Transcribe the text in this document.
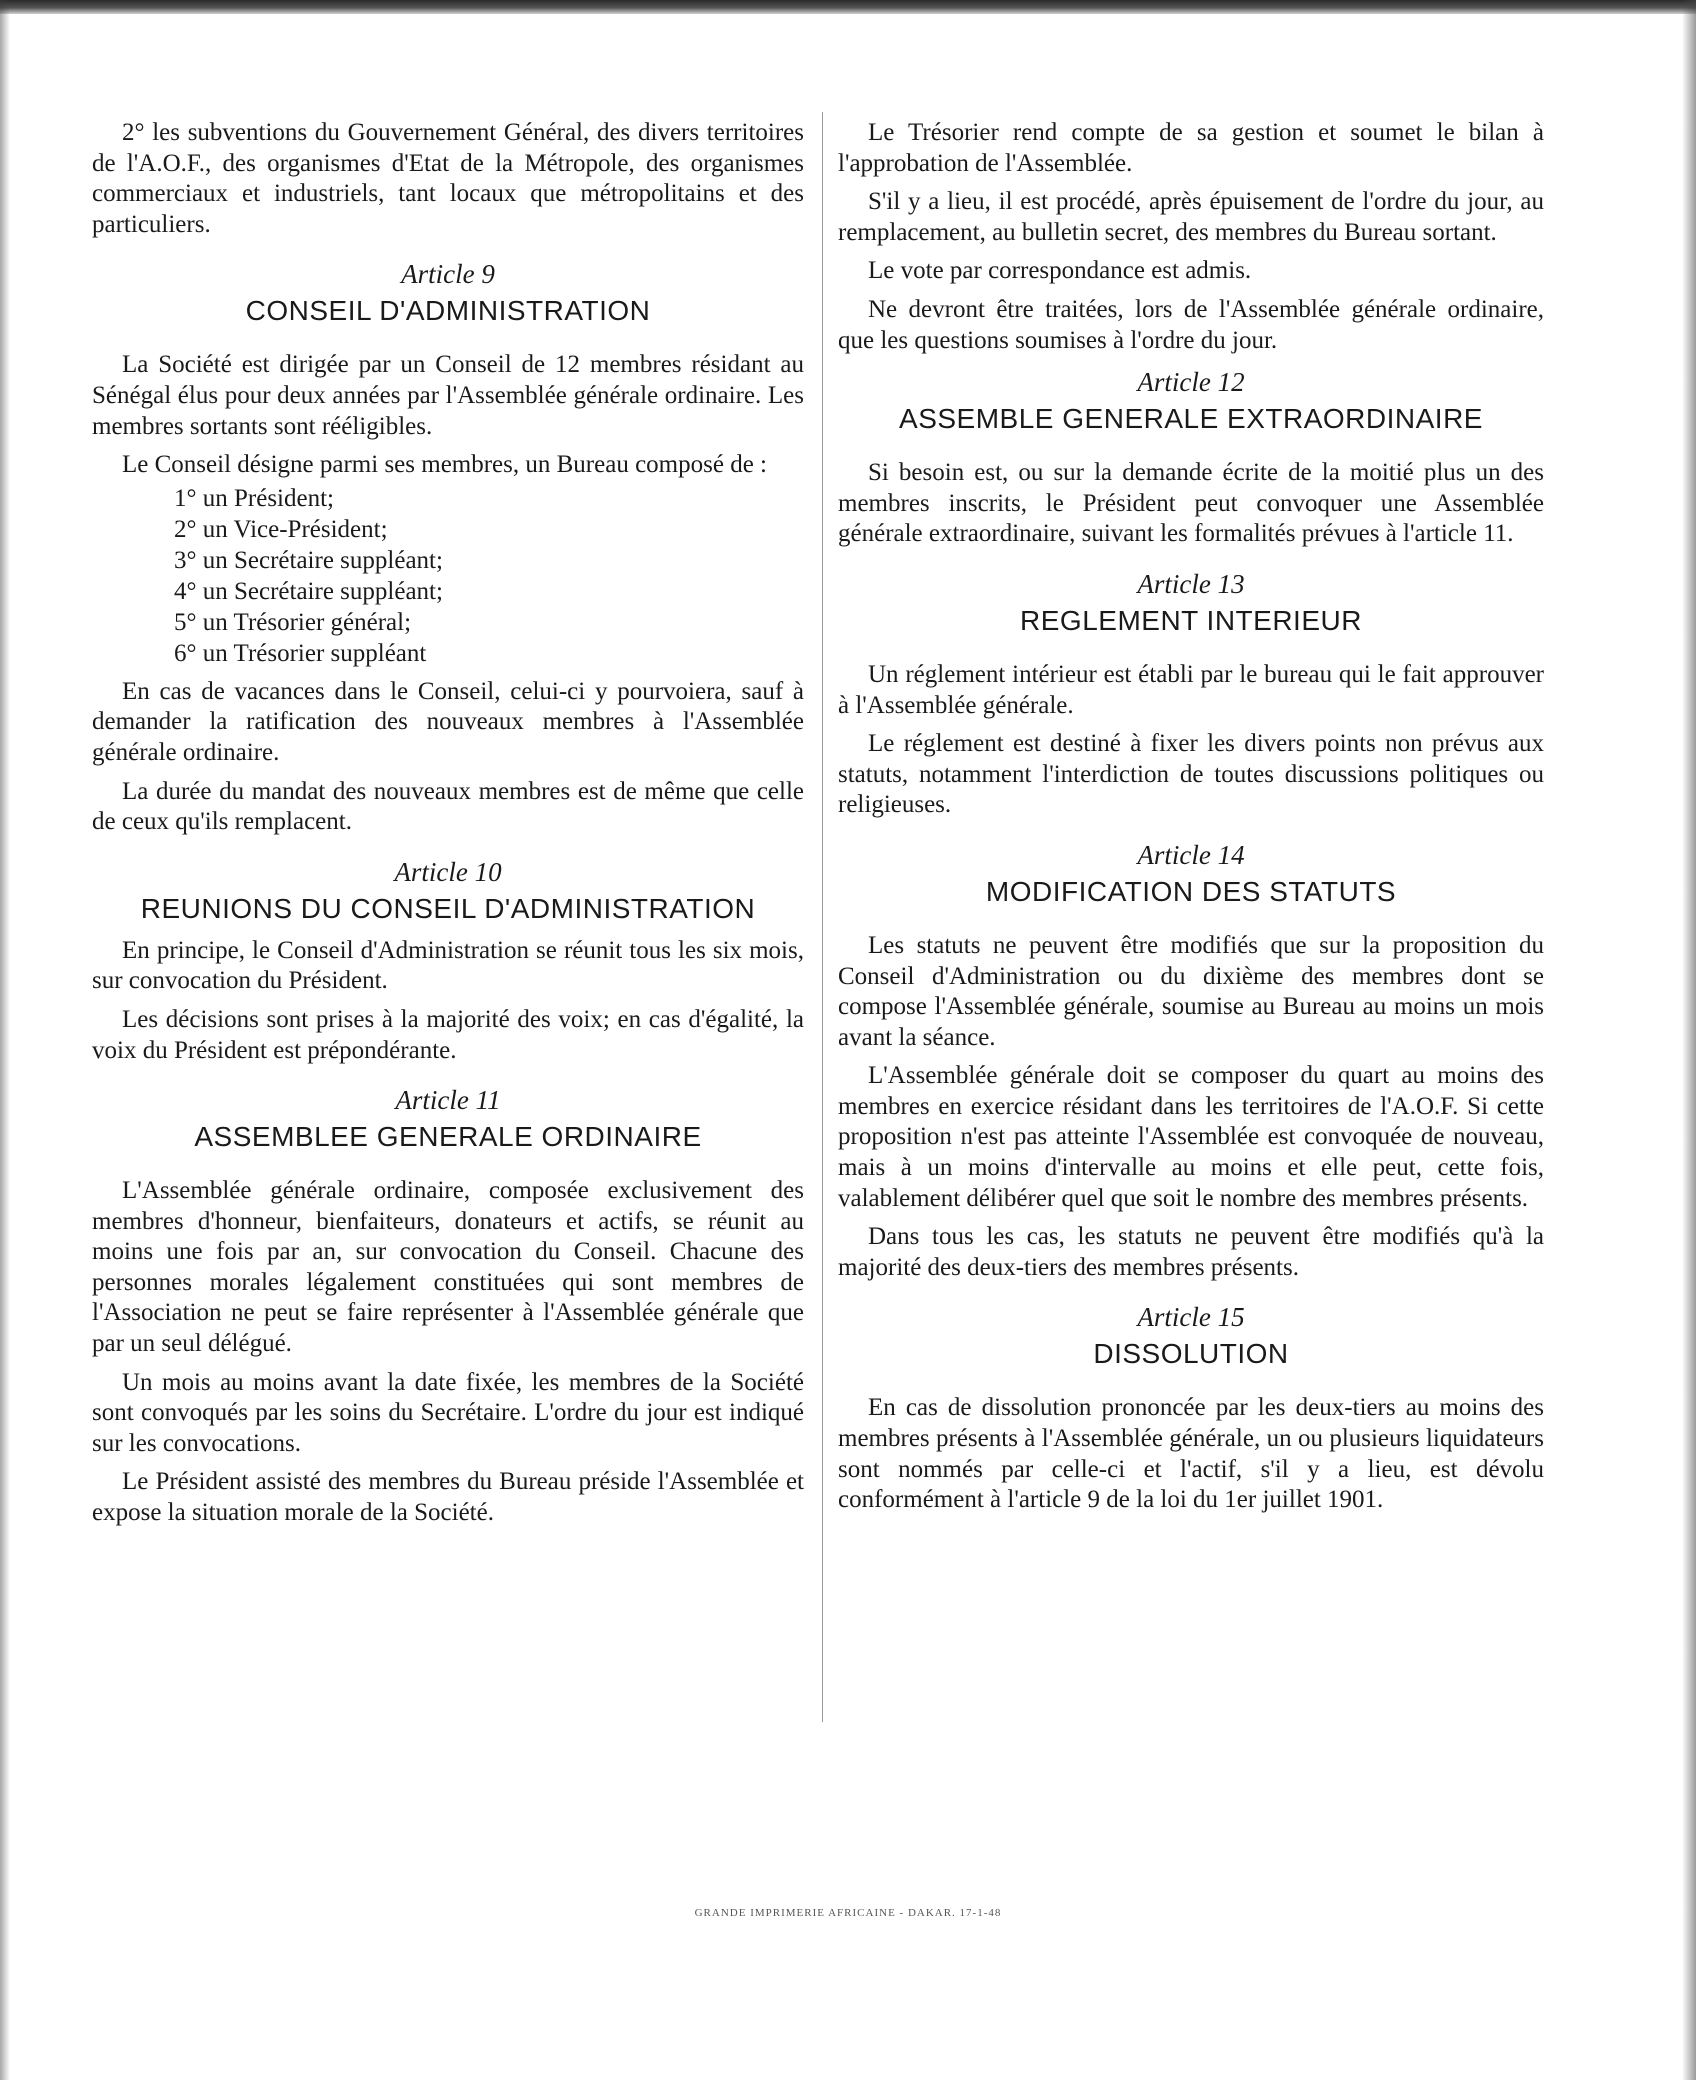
2° les subventions du Gouvernement Général, des divers territoires de l'A.O.F., des organismes d'Etat de la Métropole, des organismes commerciaux et industriels, tant locaux que métropolitains et des particuliers.

Article 9
CONSEIL D'ADMINISTRATION

La Société est dirigée par un Conseil de 12 membres résidant au Sénégal élus pour deux années par l'Assemblée générale ordinaire. Les membres sortants sont rééligibles.

Le Conseil désigne parmi ses membres, un Bureau composé de :

1° un Président;
2° un Vice-Président;
3° un Secrétaire suppléant;
4° un Secrétaire suppléant;
5° un Trésorier général;
6° un Trésorier suppléant

En cas de vacances dans le Conseil, celui-ci y pourvoiera, sauf à demander la ratification des nouveaux membres à l'Assemblée générale ordinaire.

La durée du mandat des nouveaux membres est de même que celle de ceux qu'ils remplacent.

Article 10
REUNIONS DU CONSEIL D'ADMINISTRATION

En principe, le Conseil d'Administration se réunit tous les six mois, sur convocation du Président.

Les décisions sont prises à la majorité des voix; en cas d'égalité, la voix du Président est prépondérante.

Article 11
ASSEMBLEE GENERALE ORDINAIRE

L'Assemblée générale ordinaire, composée exclusivement des membres d'honneur, bienfaiteurs, donateurs et actifs, se réunit au moins une fois par an, sur convocation du Conseil. Chacune des personnes morales légalement constituées qui sont membres de l'Association ne peut se faire représenter à l'Assemblée générale que par un seul délégué.

Un mois au moins avant la date fixée, les membres de la Société sont convoqués par les soins du Secrétaire. L'ordre du jour est indiqué sur les convocations.

Le Président assisté des membres du Bureau préside l'Assemblée et expose la situation morale de la Société.

Le Trésorier rend compte de sa gestion et soumet le bilan à l'approbation de l'Assemblée.

S'il y a lieu, il est procédé, après épuisement de l'ordre du jour, au remplacement, au bulletin secret, des membres du Bureau sortant.

Le vote par correspondance est admis.

Ne devront être traitées, lors de l'Assemblée générale ordinaire, que les questions soumises à l'ordre du jour.

Article 12
ASSEMBLE GENERALE EXTRAORDINAIRE

Si besoin est, ou sur la demande écrite de la moitié plus un des membres inscrits, le Président peut convoquer une Assemblée générale extraordinaire, suivant les formalités prévues à l'article 11.

Article 13
REGLEMENT INTERIEUR

Un réglement intérieur est établi par le bureau qui le fait approuver à l'Assemblée générale.

Le réglement est destiné à fixer les divers points non prévus aux statuts, notamment l'interdiction de toutes discussions politiques ou religieuses.

Article 14
MODIFICATION DES STATUTS

Les statuts ne peuvent être modifiés que sur la proposition du Conseil d'Administration ou du dixième des membres dont se compose l'Assemblée générale, soumise au Bureau au moins un mois avant la séance.

L'Assemblée générale doit se composer du quart au moins des membres en exercice résidant dans les territoires de l'A.O.F. Si cette proposition n'est pas atteinte l'Assemblée est convoquée de nouveau, mais à un moins d'intervalle au moins et elle peut, cette fois, valablement délibérer quel que soit le nombre des membres présents.

Dans tous les cas, les statuts ne peuvent être modifiés qu'à la majorité des deux-tiers des membres présents.

Article 15
DISSOLUTION

En cas de dissolution prononcée par les deux-tiers au moins des membres présents à l'Assemblée générale, un ou plusieurs liquidateurs sont nommés par celle-ci et l'actif, s'il y a lieu, est dévolu conformément à l'article 9 de la loi du 1er juillet 1901.

GRANDE IMPRIMERIE AFRICAINE - DAKAR. 17-1-48
